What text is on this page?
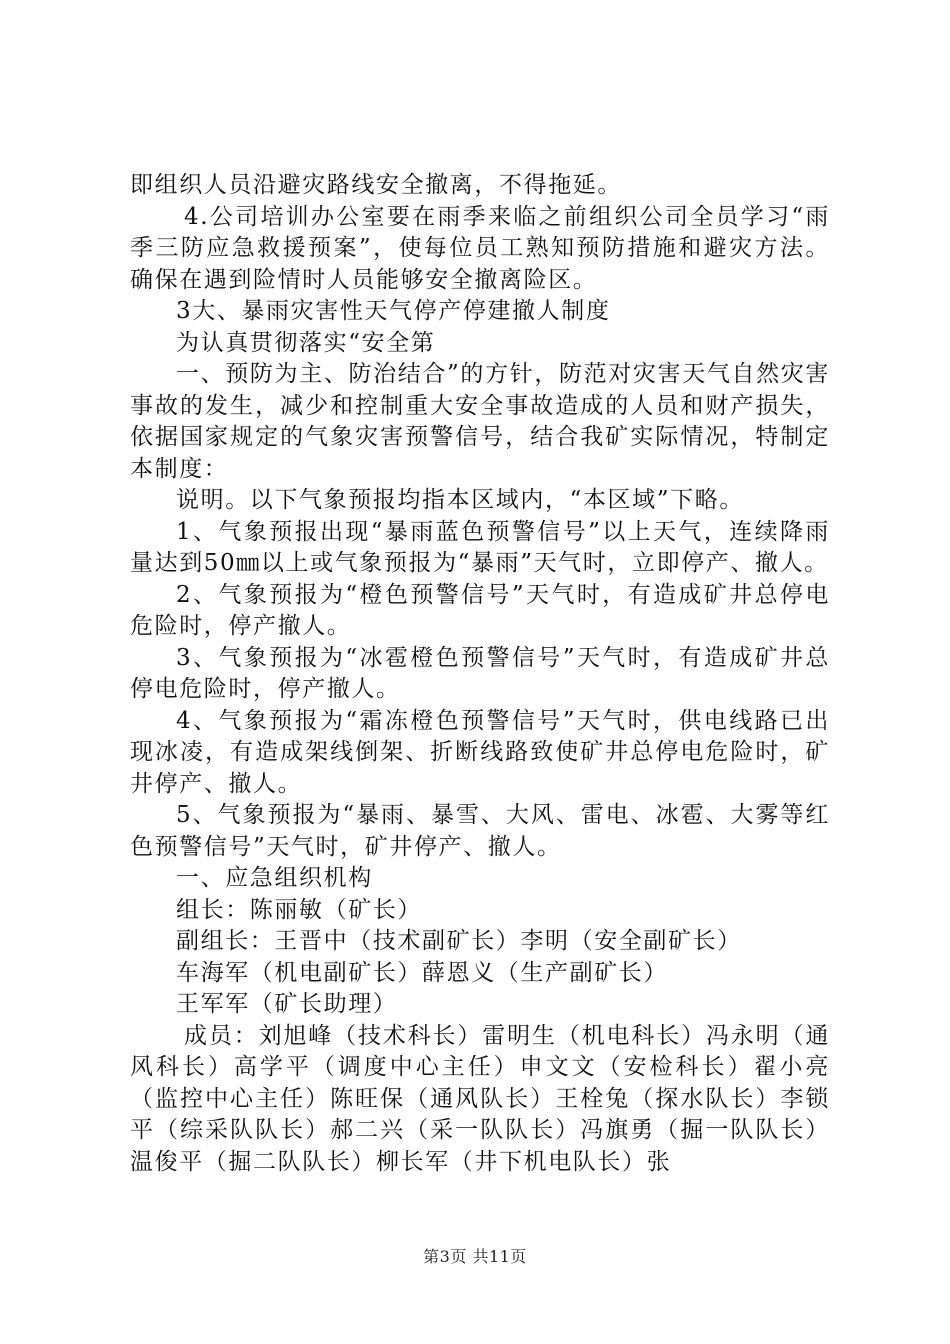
即组织人员沿避灾路线安全撤离，不得拖延。

4.公司培训办公室要在雨季来临之前组织公司全员学习“雨季三防应急救援预案”，使每位员工熟知预防措施和避灾方法。确保在遇到险情时人员能够安全撤离险区。

3大、暴雨灾害性天气停产停建撤人制度

为认真贯彻落实“安全第

一、预防为主、防治结合”的方针，防范对灾害天气自然灾害事故的发生，减少和控制重大安全事故造成的人员和财产损失，依据国家规定的气象灾害预警信号，结合我矿实际情况，特制定本制度：

说明。以下气象预报均指本区域内，“本区域”下略。

1、气象预报出现“暴雨蓝色预警信号”以上天气，连续降雨量达到50㎜以上或气象预报为“暴雨”天气时，立即停产、撤人。

2、气象预报为“橙色预警信号”天气时，有造成矿井总停电危险时，停产撤人。

3、气象预报为“冰雹橙色预警信号”天气时，有造成矿井总停电危险时，停产撤人。

4、气象预报为“霜冻橙色预警信号”天气时，供电线路已出现冰凌，有造成架线倒架、折断线路致使矿井总停电危险时，矿井停产、撤人。

5、气象预报为“暴雨、暴雪、大风、雷电、冰雹、大雾等红色预警信号”天气时，矿井停产、撤人。

一、应急组织机构

组长：陈丽敏（矿长）

副组长：王晋中（技术副矿长）李明（安全副矿长）

车海军（机电副矿长）薛恩义（生产副矿长）

王军军（矿长助理）

成员：刘旭峰（技术科长）雷明生（机电科长）冯永明（通风科长）高学平（调度中心主任）申文文（安检科长）翟小亮（监控中心主任）陈旺保（通风队长）王栓兔（探水队长）李锁平（综采队队长）郝二兴（采一队队长）冯旗勇（掘一队队长）温俊平（掘二队队长）柳长军（井下机电队长）张

第3页 共11页
